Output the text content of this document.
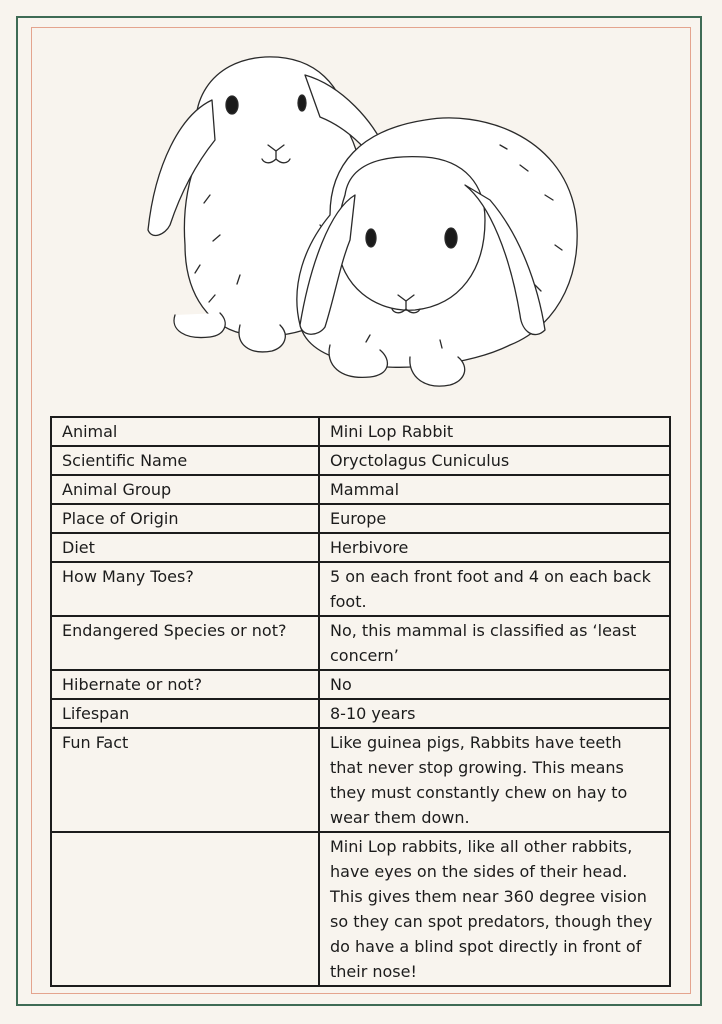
Animal	Mini Lop Rabbit
Scientific Name	Oryctolagus Cuniculus
Animal Group	Mammal
Place of Origin	Europe
Diet	Herbivore
How Many Toes?	5 on each front foot and 4 on each back foot.
Endangered Species or not?	No, this mammal is classified as ‘least concern’
Hibernate or not?	No
Lifespan	8-10 years
Fun Fact	Like guinea pigs, Rabbits have teeth that never stop growing. This means they must constantly chew on hay to wear them down.
	Mini Lop rabbits, like all other rabbits, have eyes on the sides of their head. This gives them near 360 degree vision so they can spot predators, though they do have a blind spot directly in front of their nose!
